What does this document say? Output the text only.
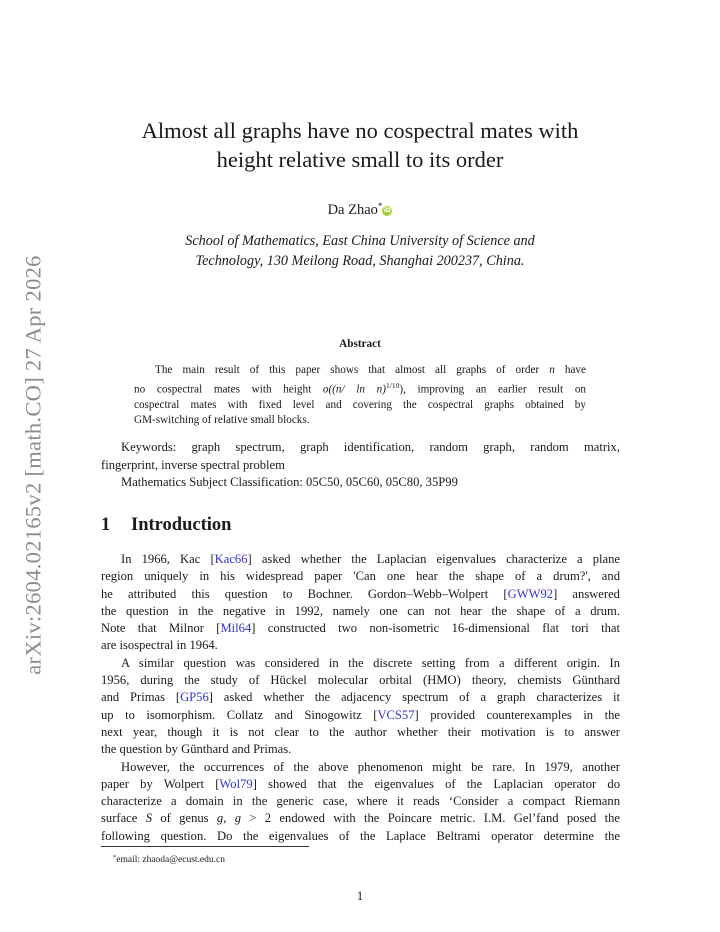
arXiv:2604.02165v2 [math.CO] 27 Apr 2026
Almost all graphs have no cospectral mates with
height relative small to its order
Da Zhao*iD
School of Mathematics, East China University of Science and
Technology, 130 Meilong Road, Shanghai 200237, China.
Abstract
The main result of this paper shows that almost all graphs of order n have
no cospectral mates with height o((n/ ln n)$^{1/10}$), improving an earlier result on
cospectral mates with fixed level and covering the cospectral graphs obtained by
GM-switching of relative small blocks.
Keywords: graph spectrum, graph identification, random graph, random matrix,
fingerprint, inverse spectral problem
Mathematics Subject Classification: 05C50, 05C60, 05C80, 35P99
1 Introduction
In 1966, Kac [Kac66] asked whether the Laplacian eigenvalues characterize a plane
region uniquely in his widespread paper 'Can one hear the shape of a drum?', and
he attributed this question to Bochner. Gordon–Webb–Wolpert [GWW92] answered
the question in the negative in 1992, namely one can not hear the shape of a drum.
Note that Milnor [Mil64] constructed two non-isometric 16-dimensional flat tori that
are isospectral in 1964.
A similar question was considered in the discrete setting from a different origin. In
1956, during the study of Hückel molecular orbital (HMO) theory, chemists Günthard
and Primas [GP56] asked whether the adjacency spectrum of a graph characterizes it
up to isomorphism. Collatz and Sinogowitz [VCS57] provided counterexamples in the
next year, though it is not clear to the author whether their motivation is to answer
the question by Günthard and Primas.
However, the occurrences of the above phenomenon might be rare. In 1979, another
paper by Wolpert [Wol79] showed that the eigenvalues of the Laplacian operator do
characterize a domain in the generic case, where it reads ‘Consider a compact Riemann
surface S of genus g, g > 2 endowed with the Poincare metric. I.M. Gel’fand posed the
following question. Do the eigenvalues of the Laplace Beltrami operator determine the
*email: zhaoda@ecust.edu.cn
1
